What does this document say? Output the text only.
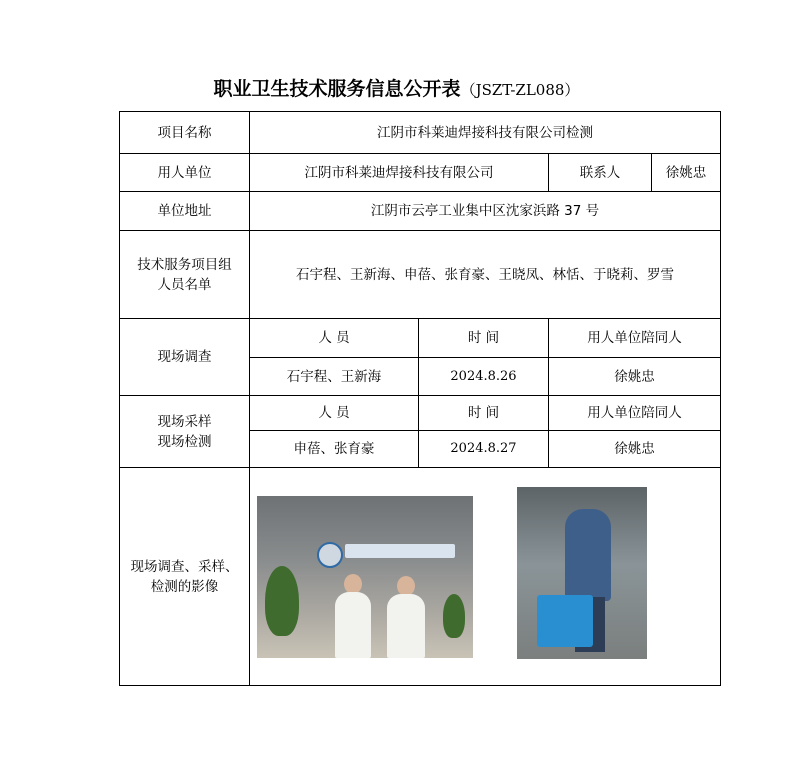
职业卫生技术服务信息公开表（JSZT-ZL088）
项目名称	江阴市科莱迪焊接科技有限公司检测			
用人单位	江阴市科莱迪焊接科技有限公司		联系人	徐姚忠
单位地址	江阴市云亭工业集中区沈家浜路 37 号			

技术服务项目组
人员名单	石宇程、王新海、申蓓、张育豪、王晓凤、林恬、于晓莉、罗雪			
现场调查	人 员	时 间	用人单位陪同人	
	石宇程、王新海	2024.8.26	徐姚忠	

现场采样
现场检测	人 员	时 间	用人单位陪同人	
	申蓓、张育豪	2024.8.27	徐姚忠	

现场调查、采样、
检测的影像				
